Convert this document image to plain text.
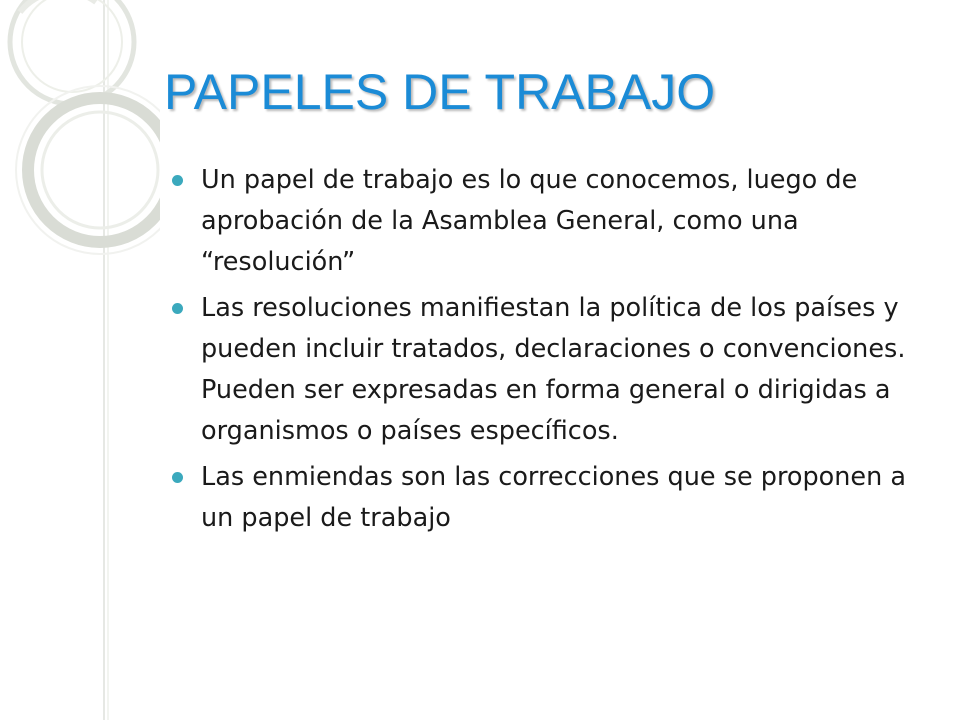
PAPELES DE TRABAJO
Un papel de trabajo es lo que conocemos, luego de aprobación de la Asamblea General, como una “resolución”
Las resoluciones manifiestan la política de los países y pueden incluir tratados, declaraciones o convenciones. Pueden ser expresadas en forma general o dirigidas a organismos o países específicos.
Las enmiendas son las correcciones que se proponen a un papel de trabajo
